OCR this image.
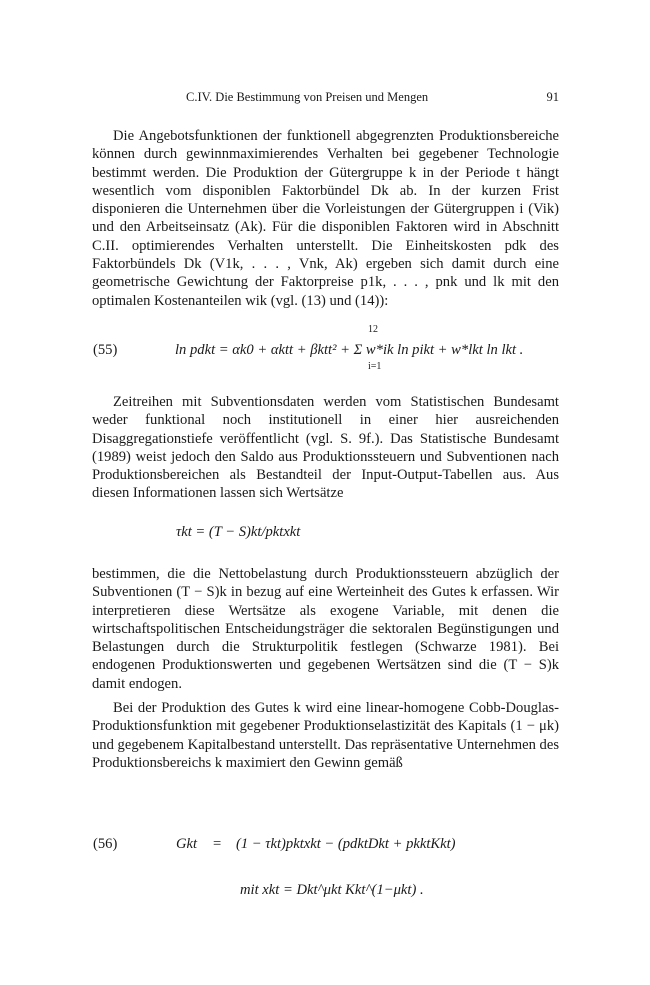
C.IV. Die Bestimmung von Preisen und Mengen	91

Die Angebotsfunktionen der funktionell abgegrenzten Produktionsbereiche können durch gewinnmaximierendes Verhalten bei gegebener Technologie bestimmt werden. Die Produktion der Gütergruppe k in der Periode t hängt wesentlich vom disponiblen Faktorbündel Dk ab. In der kurzen Frist disponieren die Unternehmen über die Vorleistungen der Gütergruppen i (Vik) und den Arbeitseinsatz (Ak). Für die disponiblen Faktoren wird in Abschnitt C.II. optimierendes Verhalten unterstellt. Die Einheitskosten pdk des Faktorbündels Dk (V1k, . . . , Vnk, Ak) ergeben sich damit durch eine geometrische Gewichtung der Faktorpreise p1k, . . . , pnk und lk mit den optimalen Kostenanteilen wik (vgl. (13) und (14)):

(55)
12
ln pdkt = αk0 + αktt + βktt² + Σ w*ik ln pikt + w*lkt ln lkt .
i=1

Zeitreihen mit Subventionsdaten werden vom Statistischen Bundesamt weder funktional noch institutionell in einer hier ausreichenden Disaggregationstiefe veröffentlicht (vgl. S. 9f.). Das Statistische Bundesamt (1989) weist jedoch den Saldo aus Produktionssteuern und Subventionen nach Produktionsbereichen als Bestandteil der Input-Output-Tabellen aus. Aus diesen Informationen lassen sich Wertsätze

τkt = (T − S)kt/pktxkt

bestimmen, die die Nettobelastung durch Produktionssteuern abzüglich der Subventionen (T − S)k in bezug auf eine Werteinheit des Gutes k erfassen. Wir interpretieren diese Wertsätze als exogene Variable, mit denen die wirtschaftspolitischen Entscheidungsträger die sektoralen Begünstigungen und Belastungen durch die Strukturpolitik festlegen (Schwarze 1981). Bei endogenen Produktionswerten und gegebenen Wertsätzen sind die (T − S)k damit endogen.

Bei der Produktion des Gutes k wird eine linear-homogene Cobb-Douglas-Produktionsfunktion mit gegebener Produktionselastizität des Kapitals (1 − μk) und gegebenem Kapitalbestand unterstellt. Das repräsentative Unternehmen des Produktionsbereichs k maximiert den Gewinn gemäß

(56)	Gkt = (1 − τkt)pktxkt − (pdktDkt + pkktKkt)
mit xkt = Dkt^μkt Kkt^(1−μkt) .
